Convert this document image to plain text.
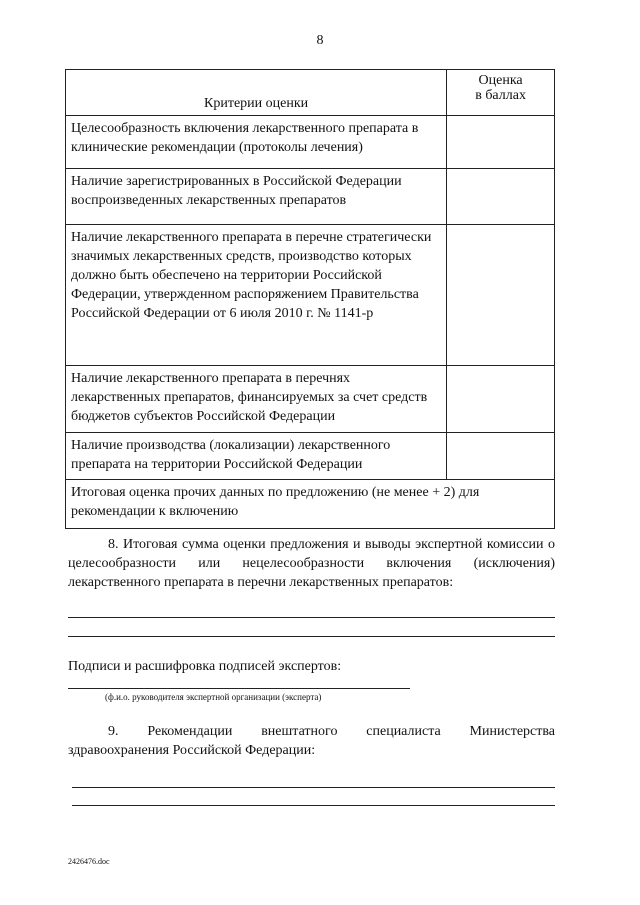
8
Критерии оценки	Оценка
в баллах

Целесообразность включения лекарственного препарата в клинические рекомендации (протоколы лечения)	
Наличие зарегистрированных в Российской Федерации воспроизведенных лекарственных препаратов	
Наличие лекарственного препарата в перечне стратегически значимых лекарственных средств, производство которых должно быть обеспечено на территории Российской Федерации, утвержденном распоряжением Правительства Российской Федерации от 6 июля 2010 г. № 1141-р	
Наличие лекарственного препарата в перечнях лекарственных препаратов, финансируемых за счет средств бюджетов субъектов Российской Федерации	
Наличие производства (локализации) лекарственного препарата на территории Российской Федерации	
Итоговая оценка прочих данных по предложению (не менее + 2) для рекомендации к включению	
8. Итоговая сумма оценки предложения и выводы экспертной комиссии о целесообразности или нецелесообразности включения (исключения) лекарственного препарата в перечни лекарственных препаратов:
Подписи и расшифровка подписей экспертов:
(ф.и.о. руководителя экспертной организации (эксперта)
9. Рекомендации внештатного специалиста Министерства здравоохранения Российской Федерации:
2426476.doc
